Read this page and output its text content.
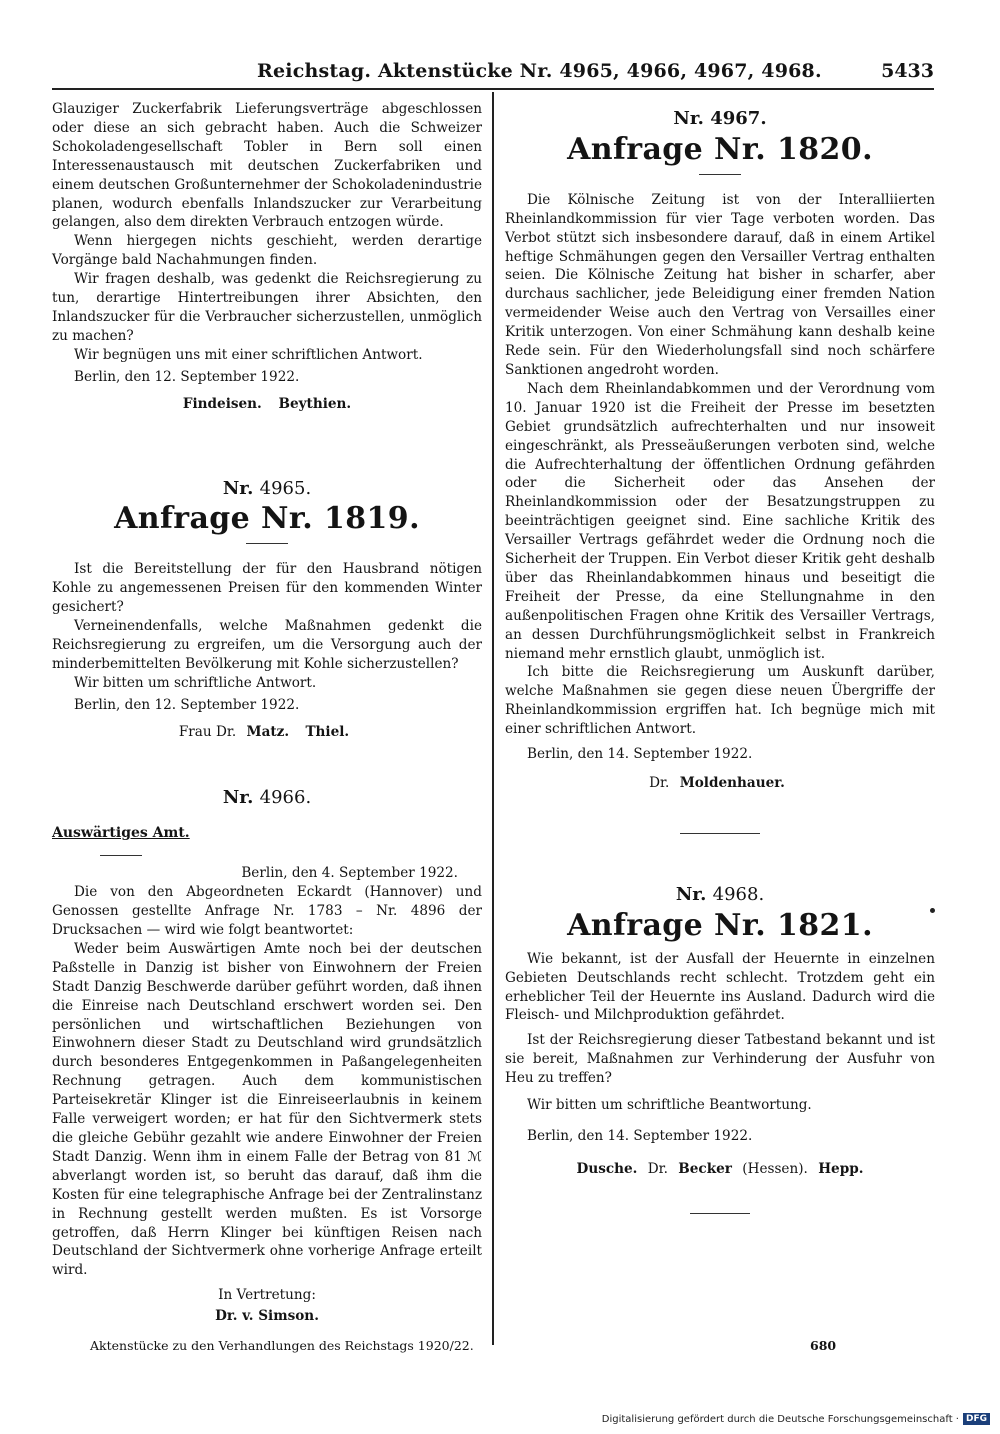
Reichstag. Aktenstücke Nr. 4965, 4966, 4967, 4968.	5433

Glauziger Zuckerfabrik Lieferungsverträge abgeschlossen oder diese an sich gebracht haben. Auch die Schweizer Schokoladengesellschaft Tobler in Bern soll einen Interessenaustausch mit deutschen Zuckerfabriken und einem deutschen Großunternehmer der Schokoladenindustrie planen, wodurch ebenfalls Inlandszucker zur Verarbeitung gelangen, also dem direkten Verbrauch entzogen würde.

Wenn hiergegen nichts geschieht, werden derartige Vorgänge bald Nachahmungen finden.

Wir fragen deshalb, was gedenkt die Reichsregierung zu tun, derartige Hintertreibungen ihrer Absichten, den Inlandszucker für die Verbraucher sicherzustellen, unmöglich zu machen?

Wir begnügen uns mit einer schriftlichen Antwort.

Berlin, den 12. September 1922.

Findeisen. Beythien.
Nr. 4965.
Anfrage Nr. 1819.

Ist die Bereitstellung der für den Hausbrand nötigen Kohle zu angemessenen Preisen für den kommenden Winter gesichert?

Verneinendenfalls, welche Maßnahmen gedenkt die Reichsregierung zu ergreifen, um die Versorgung auch der minderbemittelten Bevölkerung mit Kohle sicherzustellen?

Wir bitten um schriftliche Antwort.

Berlin, den 12. September 1922.

Frau Dr. Matz. Thiel.
Nr. 4966.
Auswärtiges Amt.

Berlin, den 4. September 1922.

Die von den Abgeordneten Eckardt (Hannover) und Genossen gestellte Anfrage Nr. 1783 – Nr. 4896 der Drucksachen — wird wie folgt beantwortet:

Weder beim Auswärtigen Amte noch bei der deutschen Paßstelle in Danzig ist bisher von Einwohnern der Freien Stadt Danzig Beschwerde darüber geführt worden, daß ihnen die Einreise nach Deutschland erschwert worden sei. Den persönlichen und wirtschaftlichen Beziehungen von Einwohnern dieser Stadt zu Deutschland wird grundsätzlich durch besonderes Entgegenkommen in Paßangelegenheiten Rechnung getragen. Auch dem kommunistischen Parteisekretär Klinger ist die Einreiseerlaubnis in keinem Falle verweigert worden; er hat für den Sichtvermerk stets die gleiche Gebühr gezahlt wie andere Einwohner der Freien Stadt Danzig. Wenn ihm in einem Falle der Betrag von 81 ℳ abverlangt worden ist, so beruht das darauf, daß ihm die Kosten für eine telegraphische Anfrage bei der Zentralinstanz in Rechnung gestellt werden mußten. Es ist Vorsorge getroffen, daß Herrn Klinger bei künftigen Reisen nach Deutschland der Sichtvermerk ohne vorherige Anfrage erteilt wird.

In Vertretung:
Dr. v. Simson.
Nr. 4967.
Anfrage Nr. 1820.

Die Kölnische Zeitung ist von der Interalliierten Rheinlandkommission für vier Tage verboten worden. Das Verbot stützt sich insbesondere darauf, daß in einem Artikel heftige Schmähungen gegen den Versailler Vertrag enthalten seien. Die Kölnische Zeitung hat bisher in scharfer, aber durchaus sachlicher, jede Beleidigung einer fremden Nation vermeidender Weise auch den Vertrag von Versailles einer Kritik unterzogen. Von einer Schmähung kann deshalb keine Rede sein. Für den Wiederholungsfall sind noch schärfere Sanktionen angedroht worden.

Nach dem Rheinlandabkommen und der Verordnung vom 10. Januar 1920 ist die Freiheit der Presse im besetzten Gebiet grundsätzlich aufrechterhalten und nur insoweit eingeschränkt, als Presseäußerungen verboten sind, welche die Aufrechterhaltung der öffentlichen Ordnung gefährden oder die Sicherheit oder das Ansehen der Rheinlandkommission oder der Besatzungstruppen zu beeinträchtigen geeignet sind. Eine sachliche Kritik des Versailler Vertrags gefährdet weder die Ordnung noch die Sicherheit der Truppen. Ein Verbot dieser Kritik geht deshalb über das Rheinlandabkommen hinaus und beseitigt die Freiheit der Presse, da eine Stellungnahme in den außenpolitischen Fragen ohne Kritik des Versailler Vertrags, an dessen Durchführungsmöglichkeit selbst in Frankreich niemand mehr ernstlich glaubt, unmöglich ist.

Ich bitte die Reichsregierung um Auskunft darüber, welche Maßnahmen sie gegen diese neuen Übergriffe der Rheinlandkommission ergriffen hat. Ich begnüge mich mit einer schriftlichen Antwort.

Berlin, den 14. September 1922.

Dr. Moldenhauer.
Nr. 4968.
Anfrage Nr. 1821.

Wie bekannt, ist der Ausfall der Heuernte in einzelnen Gebieten Deutschlands recht schlecht. Trotzdem geht ein erheblicher Teil der Heuernte ins Ausland. Dadurch wird die Fleisch- und Milchproduktion gefährdet.

Ist der Reichsregierung dieser Tatbestand bekannt und ist sie bereit, Maßnahmen zur Verhinderung der Ausfuhr von Heu zu treffen?

Wir bitten um schriftliche Beantwortung.

Berlin, den 14. September 1922.

Dusche. Dr. Becker (Hessen). Hepp.
Aktenstücke zu den Verhandlungen des Reichstags 1920/22.	680
Digitalisierung gefördert durch die Deutsche Forschungsgemeinschaft · DFG
